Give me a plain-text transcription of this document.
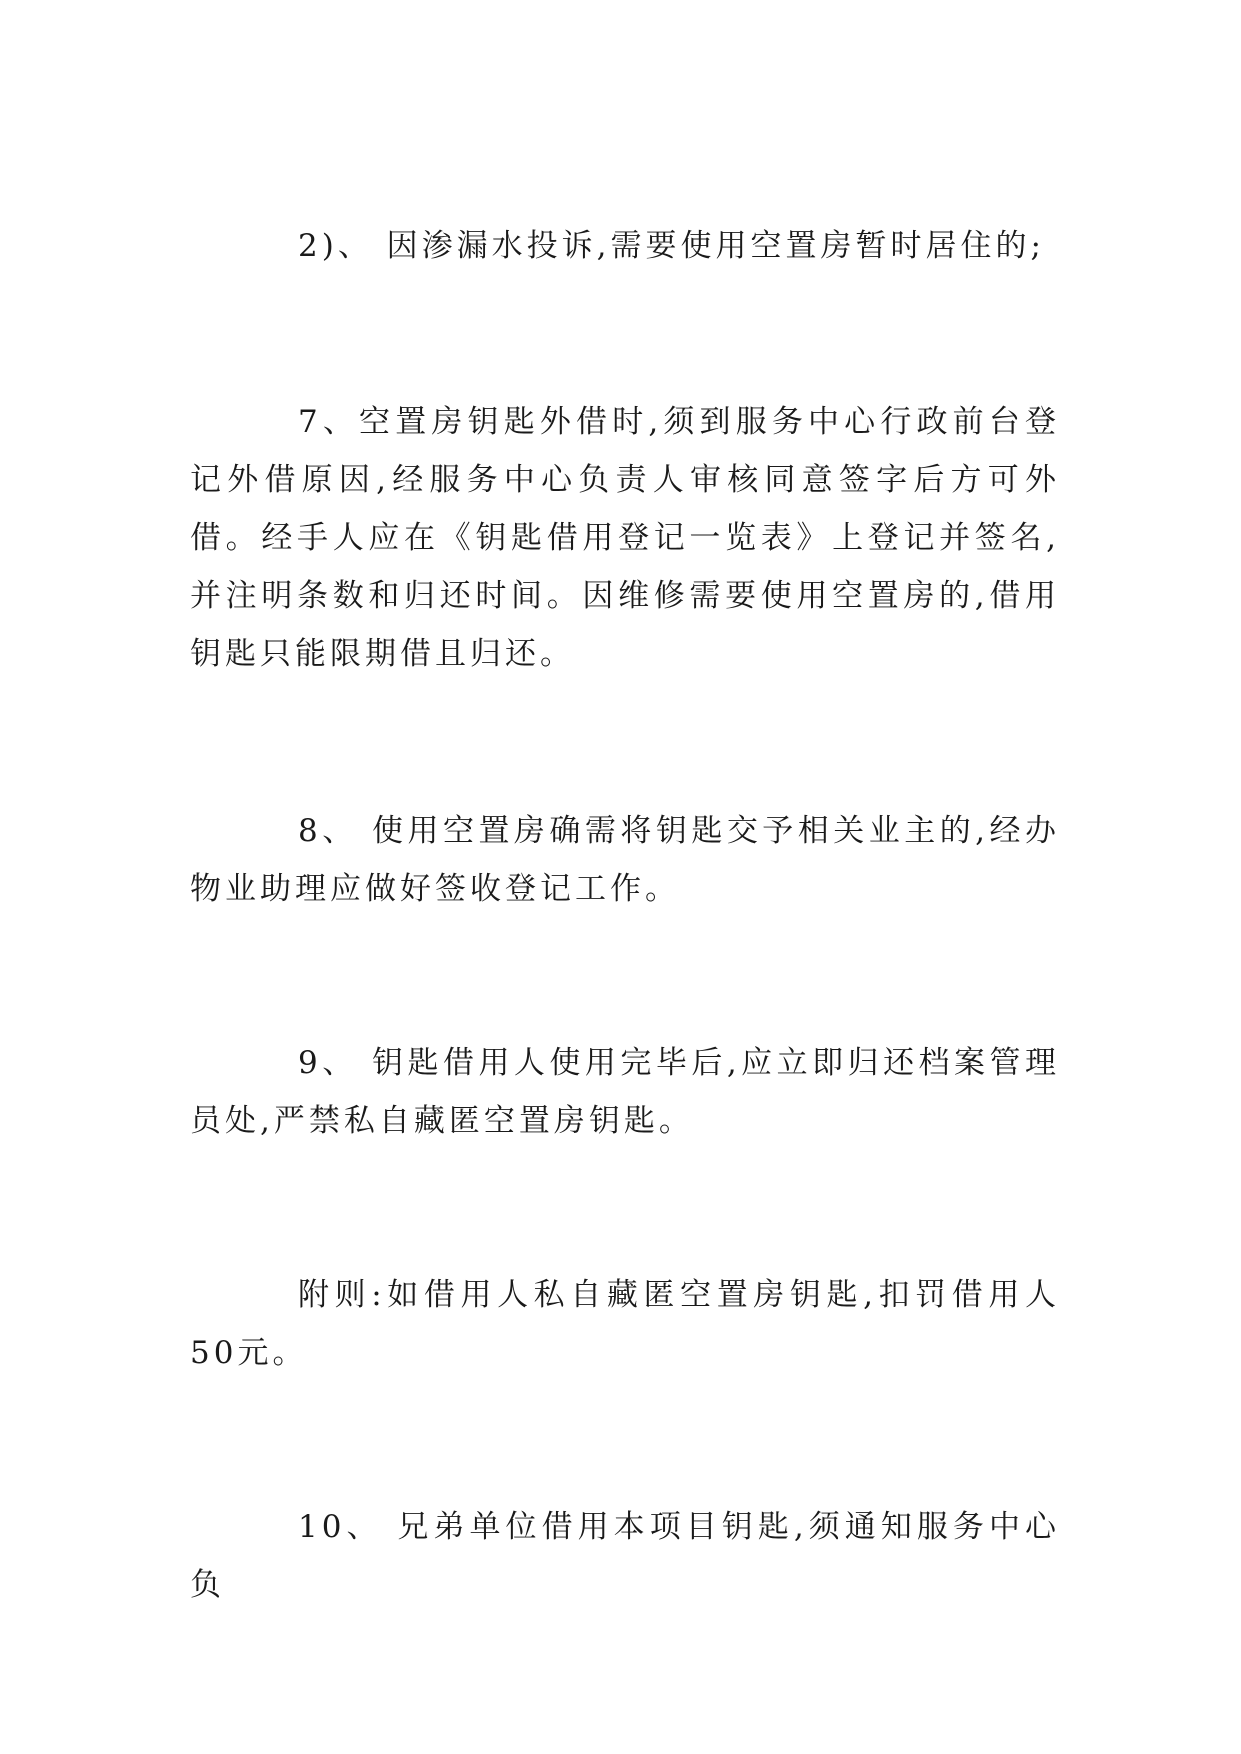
2)、 因渗漏水投诉,需要使用空置房暂时居住的;

7、空置房钥匙外借时,须到服务中心行政前台登记外借原因,经服务中心负责人审核同意签字后方可外借。经手人应在《钥匙借用登记一览表》上登记并签名,并注明条数和归还时间。因维修需要使用空置房的,借用钥匙只能限期借且归还。

8、 使用空置房确需将钥匙交予相关业主的,经办物业助理应做好签收登记工作。

9、 钥匙借用人使用完毕后,应立即归还档案管理员处,严禁私自藏匿空置房钥匙。

附则:如借用人私自藏匿空置房钥匙,扣罚借用人50元。

10、 兄弟单位借用本项目钥匙,须通知服务中心负
